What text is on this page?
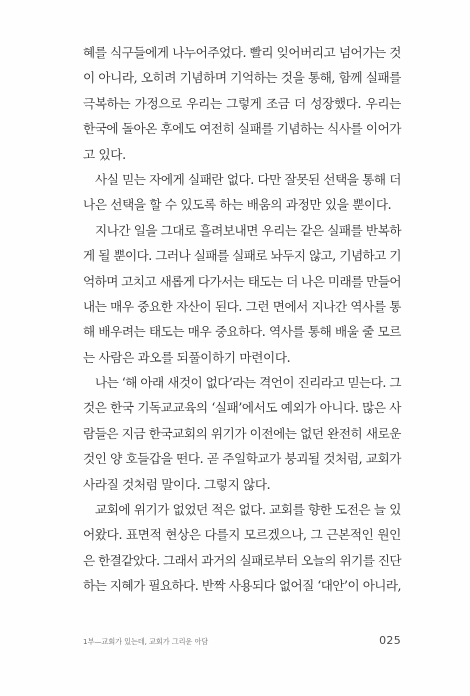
혜를 식구들에게 나누어주었다. 빨리 잊어버리고 넘어가는 것
이 아니라, 오히려 기념하며 기억하는 것을 통해, 함께 실패를
극복하는 가정으로 우리는 그렇게 조금 더 성장했다. 우리는
한국에 돌아온 후에도 여전히 실패를 기념하는 식사를 이어가
고 있다.
사실 믿는 자에게 실패란 없다. 다만 잘못된 선택을 통해 더
나은 선택을 할 수 있도록 하는 배움의 과정만 있을 뿐이다.
지나간 일을 그대로 흘려보내면 우리는 같은 실패를 반복하
게 될 뿐이다. 그러나 실패를 실패로 놔두지 않고, 기념하고 기
억하며 고치고 새롭게 다가서는 태도는 더 나은 미래를 만들어
내는 매우 중요한 자산이 된다. 그런 면에서 지나간 역사를 통
해 배우려는 태도는 매우 중요하다. 역사를 통해 배울 줄 모르
는 사람은 과오를 되풀이하기 마련이다.
나는 ‘해 아래 새것이 없다’라는 격언이 진리라고 믿는다. 그
것은 한국 기독교교육의 ‘실패’에서도 예외가 아니다. 많은 사
람들은 지금 한국교회의 위기가 이전에는 없던 완전히 새로운
것인 양 호들갑을 떤다. 곧 주일학교가 붕괴될 것처럼, 교회가
사라질 것처럼 말이다. 그렇지 않다.
교회에 위기가 없었던 적은 없다. 교회를 향한 도전은 늘 있
어왔다. 표면적 현상은 다를지 모르겠으나, 그 근본적인 원인
은 한결같았다. 그래서 과거의 실패로부터 오늘의 위기를 진단
하는 지혜가 필요하다. 반짝 사용되다 없어질 ‘대안’이 아니라,
1부—교회가 있는데, 교회가 그리운 아담	025
